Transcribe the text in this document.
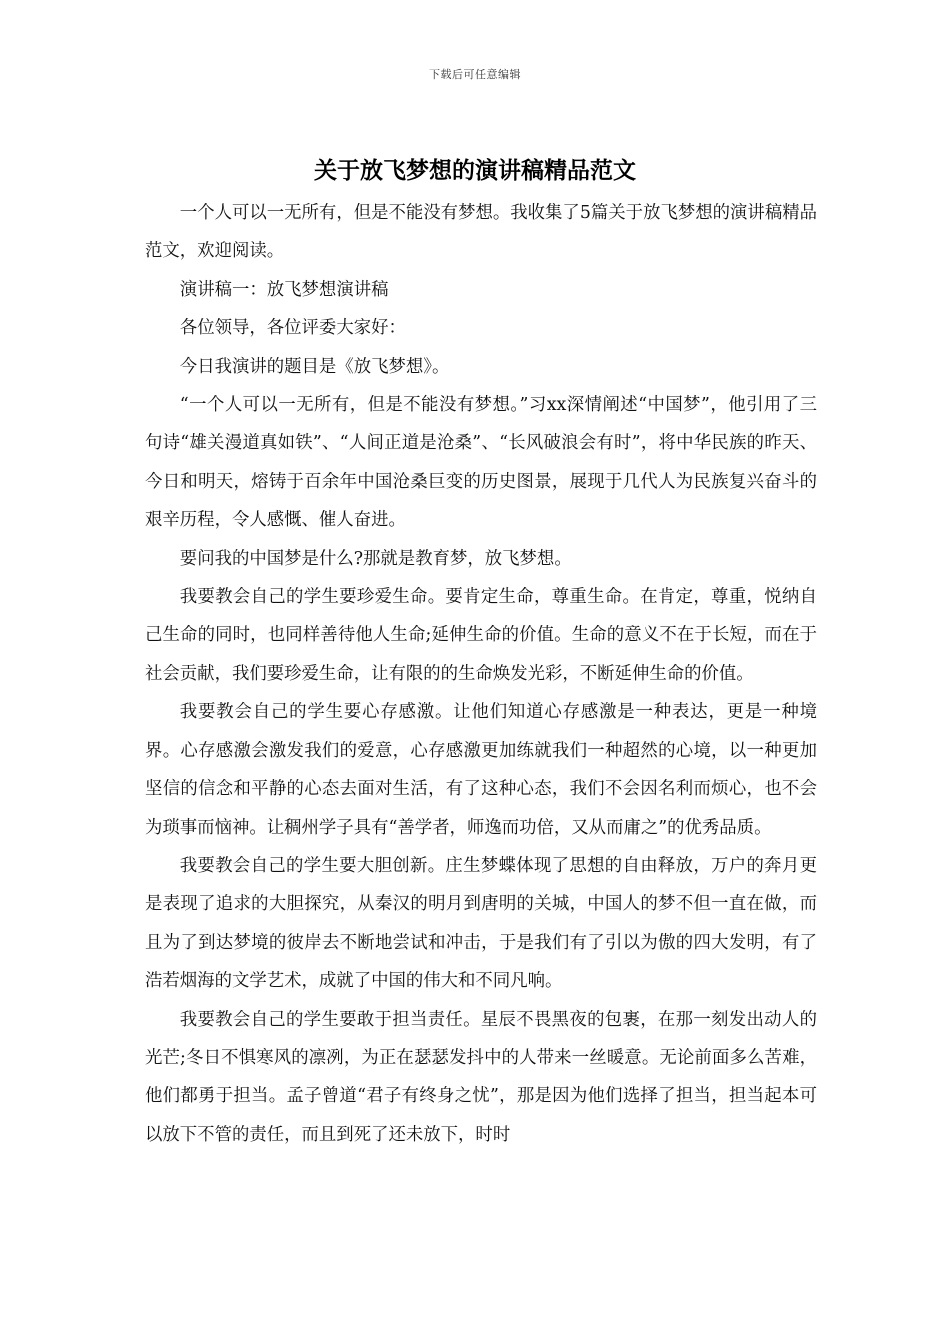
下载后可任意编辑
关于放飞梦想的演讲稿精品范文

一个人可以一无所有，但是不能没有梦想。我收集了5篇关于放飞梦想的演讲稿精品范文，欢迎阅读。

演讲稿一：放飞梦想演讲稿

各位领导，各位评委大家好：

今日我演讲的题目是《放飞梦想》。

“一个人可以一无所有，但是不能没有梦想。”习xx深情阐述“中国梦”，他引用了三句诗“雄关漫道真如铁”、“人间正道是沧桑”、“长风破浪会有时”，将中华民族的昨天、今日和明天，熔铸于百余年中国沧桑巨变的历史图景，展现于几代人为民族复兴奋斗的艰辛历程，令人感慨、催人奋进。

要问我的中国梦是什么?那就是教育梦，放飞梦想。

我要教会自己的学生要珍爱生命。要肯定生命，尊重生命。在肯定，尊重，悦纳自己生命的同时，也同样善待他人生命;延伸生命的价值。生命的意义不在于长短，而在于社会贡献，我们要珍爱生命，让有限的的生命焕发光彩，不断延伸生命的价值。

我要教会自己的学生要心存感激。让他们知道心存感激是一种表达，更是一种境界。心存感激会激发我们的爱意，心存感激更加练就我们一种超然的心境，以一种更加坚信的信念和平静的心态去面对生活，有了这种心态，我们不会因名利而烦心，也不会为琐事而恼神。让稠州学子具有“善学者，师逸而功倍，又从而庸之”的优秀品质。

我要教会自己的学生要大胆创新。庄生梦蝶体现了思想的自由释放，万户的奔月更是表现了追求的大胆探究，从秦汉的明月到唐明的关城，中国人的梦不但一直在做，而且为了到达梦境的彼岸去不断地尝试和冲击，于是我们有了引以为傲的四大发明，有了浩若烟海的文学艺术，成就了中国的伟大和不同凡响。

我要教会自己的学生要敢于担当责任。星辰不畏黑夜的包裹，在那一刻发出动人的光芒;冬日不惧寒风的凛冽，为正在瑟瑟发抖中的人带来一丝暖意。无论前面多么苦难，他们都勇于担当。孟子曾道“君子有终身之忧”，那是因为他们选择了担当，担当起本可以放下不管的责任，而且到死了还未放下，时时
